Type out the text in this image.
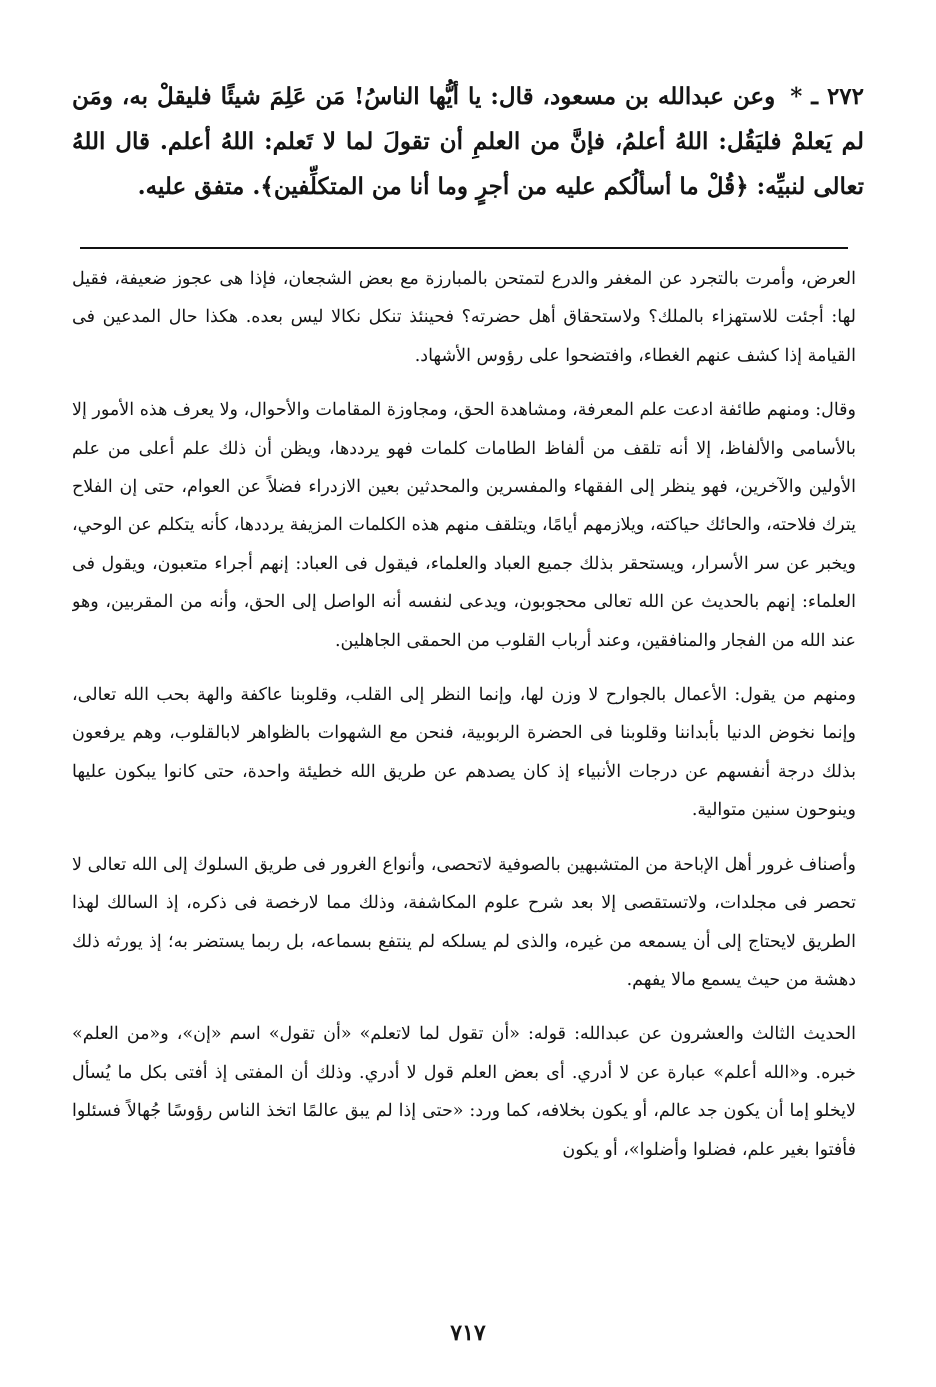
٢٧٢ ـ * وعن عبدالله بن مسعود، قال: يا أيُّها الناسُ! مَن عَلِمَ شيئًا فليقلْ به، ومَن لم يَعلمْ فليَقُل: اللهُ أعلمُ، فإنَّ من العلمِ أن تقولَ لما لا تَعلم: اللهُ أعلم. قال اللهُ تعالى لنبيِّه: ﴿قُلْ ما أسألُكم عليه من أجرٍ وما أنا من المتكلِّفين﴾. متفق عليه.

العرض، وأمرت بالتجرد عن المغفر والدرع لتمتحن بالمبارزة مع بعض الشجعان، فإذا هى عجوز ضعيفة، فقيل لها: أجئت للاستهزاء بالملك؟ ولاستحقاق أهل حضرته؟ فحينئذ تنكل نكالا ليس بعده. هكذا حال المدعين فى القيامة إذا كشف عنهم الغطاء، وافتضحوا على رؤوس الأشهاد.

وقال: ومنهم طائفة ادعت علم المعرفة، ومشاهدة الحق، ومجاوزة المقامات والأحوال، ولا يعرف هذه الأمور إلا بالأسامى والألفاظ، إلا أنه تلقف من ألفاظ الطامات كلمات فهو يرددها، ويظن أن ذلك علم أعلى من علم الأولين والآخرين، فهو ينظر إلى الفقهاء والمفسرين والمحدثين بعين الازدراء فضلاً عن العوام، حتى إن الفلاح يترك فلاحته، والحائك حياكته، ويلازمهم أيامًا، ويتلقف منهم هذه الكلمات المزيفة يرددها، كأنه يتكلم عن الوحي، ويخبر عن سر الأسرار، ويستحقر بذلك جميع العباد والعلماء، فيقول فى العباد: إنهم أجراء متعبون، ويقول فى العلماء: إنهم بالحديث عن الله تعالى محجوبون، ويدعى لنفسه أنه الواصل إلى الحق، وأنه من المقربين، وهو عند الله من الفجار والمنافقين، وعند أرباب القلوب من الحمقى الجاهلين.

ومنهم من يقول: الأعمال بالجوارح لا وزن لها، وإنما النظر إلى القلب، وقلوبنا عاكفة والهة بحب الله تعالى، وإنما نخوض الدنيا بأبداننا وقلوبنا فى الحضرة الربوبية، فنحن مع الشهوات بالظواهر لابالقلوب، وهم يرفعون بذلك درجة أنفسهم عن درجات الأنبياء إذ كان يصدهم عن طريق الله خطيئة واحدة، حتى كانوا يبكون عليها وينوحون سنين متوالية.

وأصناف غرور أهل الإباحة من المتشبهين بالصوفية لاتحصى، وأنواع الغرور فى طريق السلوك إلى الله تعالى لا تحصر فى مجلدات، ولاتستقصى إلا بعد شرح علوم المكاشفة، وذلك مما لارخصة فى ذكره، إذ السالك لهذا الطريق لايحتاج إلى أن يسمعه من غيره، والذى لم يسلكه لم ينتفع بسماعه، بل ربما يستضر به؛ إذ يورثه ذلك دهشة من حيث يسمع مالا يفهم.

الحديث الثالث والعشرون عن عبدالله: قوله: «أن تقول لما لاتعلم» «أن تقول» اسم «إن»، و«من العلم» خبره. و«الله أعلم» عبارة عن لا أدري. أى بعض العلم قول لا أدري. وذلك أن المفتى إذ أفتى بكل ما يُسأل لايخلو إما أن يكون جد عالم، أو يكون بخلافه، كما ورد: «حتى إذا لم يبق عالمًا اتخذ الناس رؤوسًا جُهالاً فسئلوا فأفتوا بغير علم، فضلوا وأضلوا»، أو يكون

٧١٧
